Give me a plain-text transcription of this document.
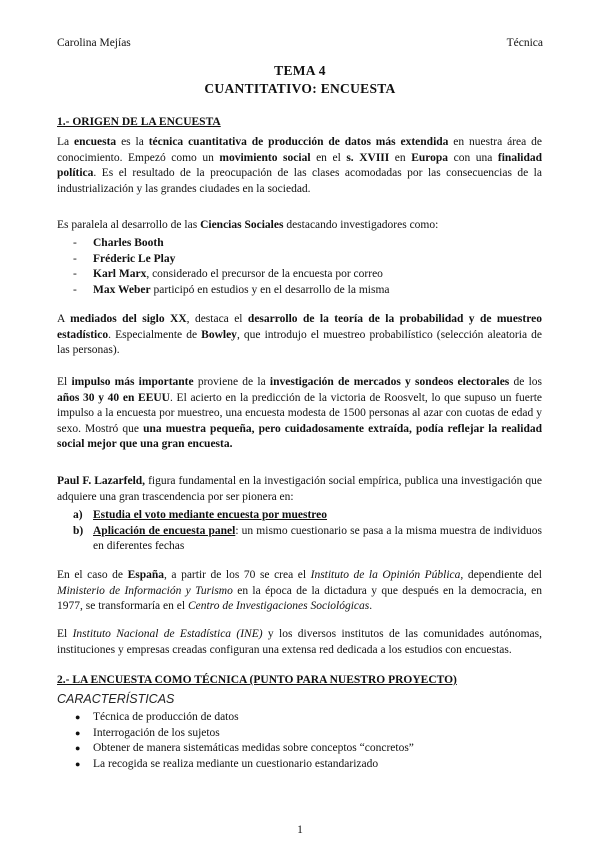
Carolina Mejías	Técnica
TEMA 4
CUANTITATIVO: ENCUESTA
1.- ORIGEN DE LA ENCUESTA

La encuesta es la técnica cuantitativa de producción de datos más extendida en nuestra área de conocimiento. Empezó como un movimiento social en el s. XVIII en Europa con una finalidad política. Es el resultado de la preocupación de las clases acomodadas por las consecuencias de la industrialización y las grandes ciudades en la sociedad.

Es paralela al desarrollo de las Ciencias Sociales destacando investigadores como:

- Charles Booth
- Fréderic Le Play
- Karl Marx, considerado el precursor de la encuesta por correo
- Max Weber participó en estudios y en el desarrollo de la misma

A mediados del siglo XX, destaca el desarrollo de la teoría de la probabilidad y de muestreo estadístico. Especialmente de Bowley, que introdujo el muestreo probabilístico (selección aleatoria de las personas).

El impulso más importante proviene de la investigación de mercados y sondeos electorales de los años 30 y 40 en EEUU. El acierto en la predicción de la victoria de Roosvelt, lo que supuso un fuerte impulso a la encuesta por muestreo, una encuesta modesta de 1500 personas al azar con cuotas de edad y sexo. Mostró que una muestra pequeña, pero cuidadosamente extraída, podía reflejar la realidad social mejor que una gran encuesta.

Paul F. Lazarfeld, figura fundamental en la investigación social empírica, publica una investigación que adquiere una gran trascendencia por ser pionera en:

a) Estudia el voto mediante encuesta por muestreo
b) Aplicación de encuesta panel: un mismo cuestionario se pasa a la misma muestra de individuos en diferentes fechas

En el caso de España, a partir de los 70 se crea el Instituto de la Opinión Pública, dependiente del Ministerio de Información y Turismo en la época de la dictadura y que después en la democracia, en 1977, se transformaría en el Centro de Investigaciones Sociológicas.

El Instituto Nacional de Estadística (INE) y los diversos institutos de las comunidades autónomas, instituciones y empresas creadas configuran una extensa red dedicada a los estudios con encuestas.

2.- LA ENCUESTA COMO TÉCNICA (PUNTO PARA NUESTRO PROYECTO)
CARACTERÍSTICAS
● Técnica de producción de datos
● Interrogación de los sujetos
● Obtener de manera sistemáticas medidas sobre conceptos “concretos”
● La recogida se realiza mediante un cuestionario estandarizado
1
